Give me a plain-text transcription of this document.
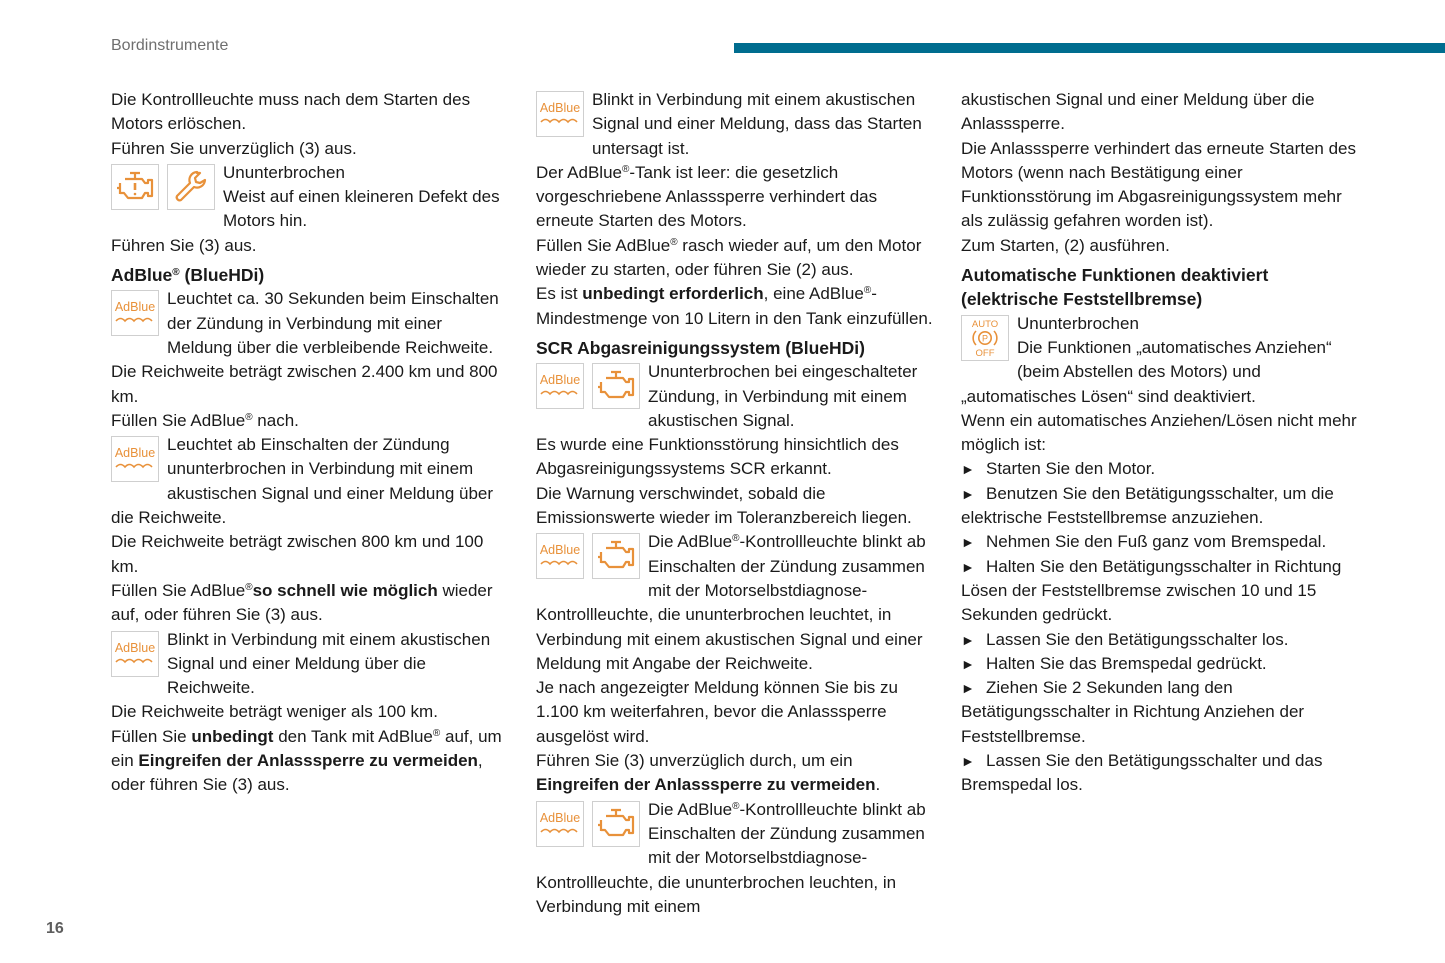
Bordinstrumente

Die Kontrollleuchte muss nach dem Starten des Motors erlöschen.

Führen Sie unverzüglich (3) aus.

Ununterbrochen
Weist auf einen kleineren Defekt des Motors hin.

Führen Sie (3) aus.

AdBlue® (BlueHDi)

AdBlue Leuchtet ca. 30 Sekunden beim Einschalten der Zündung in Verbindung mit einer Meldung über die verbleibende Reichweite.

Die Reichweite beträgt zwischen 2.400 km und 800 km.

Füllen Sie AdBlue® nach.

AdBlue Leuchtet ab Einschalten der Zündung ununterbrochen in Verbindung mit einem akustischen Signal und einer Meldung über die Reichweite.

Die Reichweite beträgt zwischen 800 km und 100 km.

Füllen Sie AdBlue®so schnell wie möglich wieder auf, oder führen Sie (3) aus.

AdBlue Blinkt in Verbindung mit einem akustischen Signal und einer Meldung über die Reichweite.

Die Reichweite beträgt weniger als 100 km.

Füllen Sie unbedingt den Tank mit AdBlue® auf, um ein Eingreifen der Anlasssperre zu vermeiden, oder führen Sie (3) aus.

AdBlue Blinkt in Verbindung mit einem akustischen Signal und einer Meldung, dass das Starten untersagt ist.

Der AdBlue®-Tank ist leer: die gesetzlich vorgeschriebene Anlasssperre verhindert das erneute Starten des Motors.

Füllen Sie AdBlue® rasch wieder auf, um den Motor wieder zu starten, oder führen Sie (2) aus.

Es ist unbedingt erforderlich, eine AdBlue®-Mindestmenge von 10 Litern in den Tank einzufüllen.

SCR Abgasreinigungssystem (BlueHDi)

AdBlue	Ununterbrochen bei eingeschalteter Zündung, in Verbindung mit einem akustischen Signal.

Es wurde eine Funktionsstörung hinsichtlich des Abgasreinigungssystems SCR erkannt.

Die Warnung verschwindet, sobald die Emissionswerte wieder im Toleranzbereich liegen.

AdBlue	Die AdBlue®-Kontrollleuchte blinkt ab Einschalten der Zündung zusammen mit der Motorselbstdiagnose-Kontrollleuchte, die ununterbrochen leuchtet, in Verbindung mit einem akustischen Signal und einer Meldung mit Angabe der Reichweite.

Je nach angezeigter Meldung können Sie bis zu 1.100 km weiterfahren, bevor die Anlasssperre ausgelöst wird.

Führen Sie (3) unverzüglich durch, um ein Eingreifen der Anlasssperre zu vermeiden.

AdBlue	Die AdBlue®-Kontrollleuchte blinkt ab Einschalten der Zündung zusammen mit der Motorselbstdiagnose-Kontrollleuchte, die ununterbrochen leuchten, in Verbindung mit einem

akustischen Signal und einer Meldung über die Anlasssperre.

Die Anlasssperre verhindert das erneute Starten des Motors (wenn nach Bestätigung einer Funktionsstörung im Abgasreinigungssystem mehr als zulässig gefahren worden ist).

Zum Starten, (2) ausführen.

Automatische Funktionen deaktiviert (elektrische Feststellbremse)

AUTO
P
OFF
Ununterbrochen
Die Funktionen „automatisches Anziehen“ (beim Abstellen des Motors) und „automatisches Lösen“ sind deaktiviert.

Wenn ein automatisches Anziehen/Lösen nicht mehr möglich ist:

► Starten Sie den Motor.

► Benutzen Sie den Betätigungsschalter, um die elektrische Feststellbremse anzuziehen.

► Nehmen Sie den Fuß ganz vom Bremspedal.

► Halten Sie den Betätigungsschalter in Richtung Lösen der Feststellbremse zwischen 10 und 15 Sekunden gedrückt.

► Lassen Sie den Betätigungsschalter los.

► Halten Sie das Bremspedal gedrückt.

► Ziehen Sie 2 Sekunden lang den Betätigungsschalter in Richtung Anziehen der Feststellbremse.

► Lassen Sie den Betätigungsschalter und das Bremspedal los.

16
